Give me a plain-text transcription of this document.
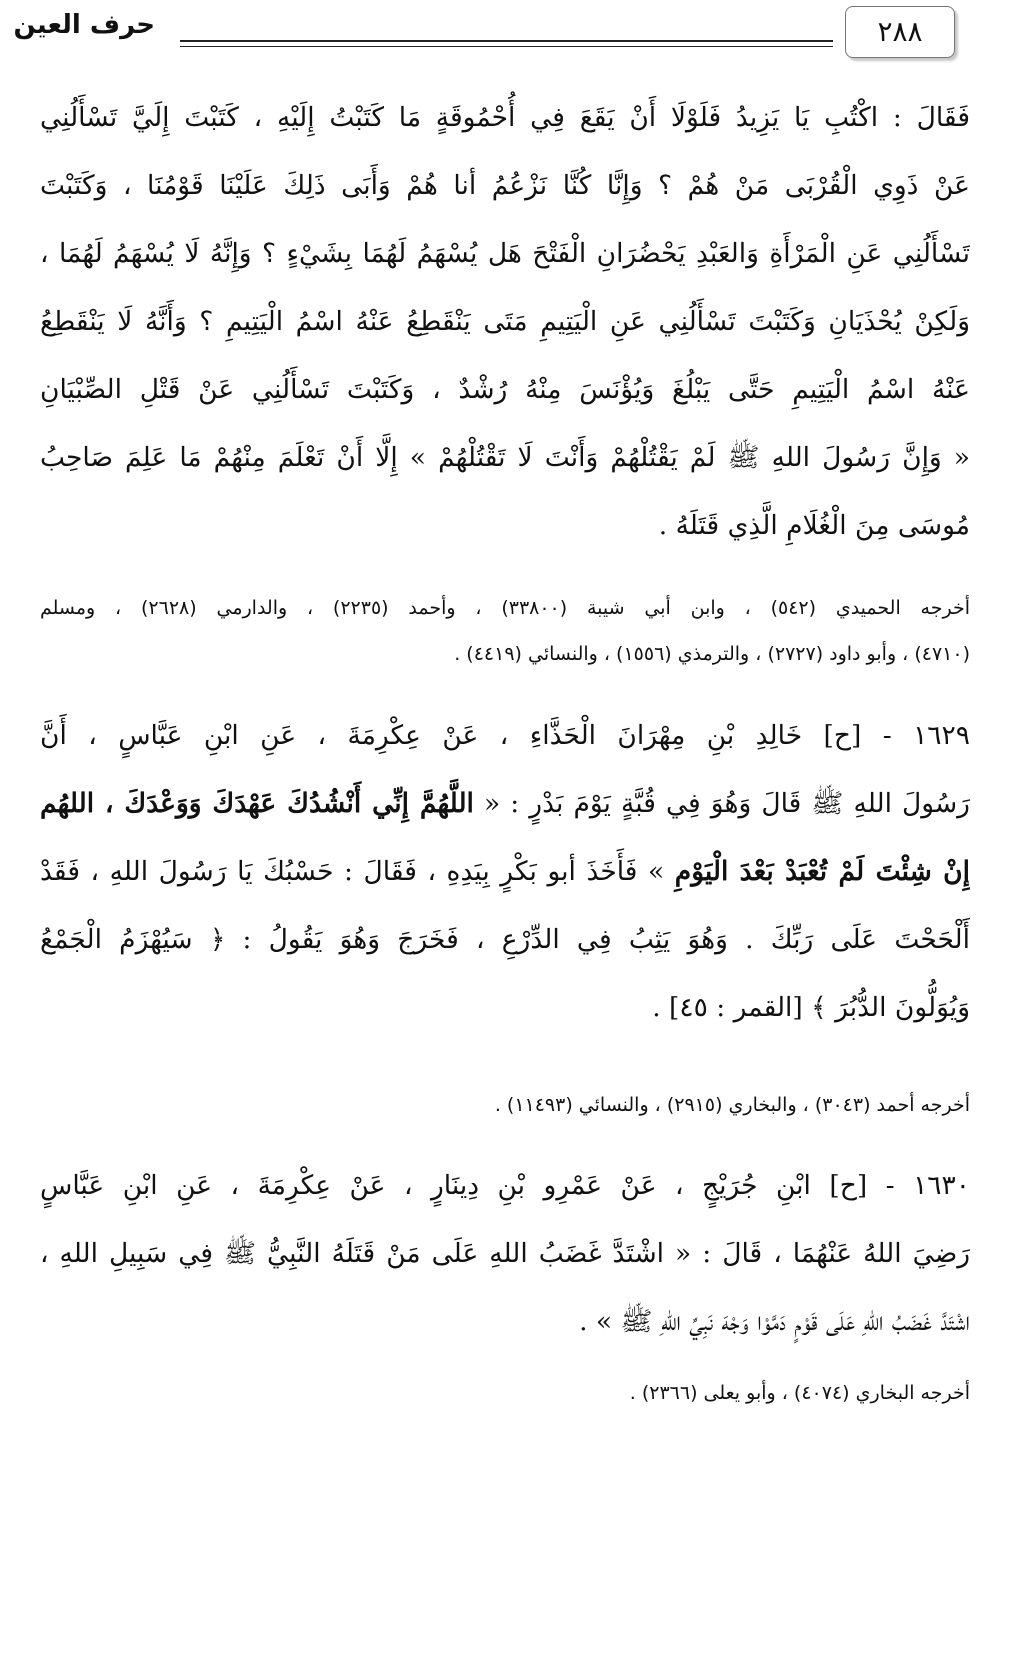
٢٨٨
حرف العين
فَقَالَ : اكْتُبِ يَا يَزِيدُ فَلَوْلَا أَنْ يَقَعَ فِي أُحْمُوقَةٍ مَا كَتَبْتُ إِلَيْهِ ، كَتَبْتَ إِلَيَّ تَسْأَلُنِي
عَنْ ذَوِي الْقُرْبَى مَنْ هُمْ ؟ وَإِنَّا كُنَّا نَزْعُمُ أنا هُمْ وَأَبَى ذَلِكَ عَلَيْنَا قَوْمُنَا ، وَكَتَبْتَ
تَسْأَلُنِي عَنِ الْمَرْأَةِ وَالعَبْدِ يَحْضُرَانِ الْفَتْحَ هَل يُسْهَمُ لَهُمَا بِشَيْءٍ ؟ وَإِنَّهُ لَا يُسْهَمُ لَهُمَا ،
وَلَكِنْ يُحْذَيَانِ وَكَتَبْتَ تَسْأَلُنِي عَنِ الْيَتِيمِ مَتَى يَنْقَطِعُ عَنْهُ اسْمُ الْيَتِيمِ ؟ وَأَنَّهُ لَا يَنْقَطِعُ
عَنْهُ اسْمُ الْيَتِيمِ حَتَّى يَبْلُغَ وَيُؤْنَسَ مِنْهُ رُشْدٌ ، وَكَتَبْتَ تَسْأَلُنِي عَنْ قَتْلِ الصِّبْيَانِ
« وَإِنَّ رَسُولَ اللهِ ﷺ لَمْ يَقْتُلْهُمْ وَأَنْتَ لَا تَقْتُلْهُمْ » إِلَّا أَنْ تَعْلَمَ مِنْهُمْ مَا عَلِمَ صَاحِبُ
مُوسَى مِنَ الْغُلَامِ الَّذِي قَتَلَهُ .
أخرجه الحميدي (٥٤٢) ، وابن أبي شيبة (٣٣٨٠٠) ، وأحمد (٢٢٣٥) ، والدارمي (٢٦٢٨) ، ومسلم
(٤٧١٠) ، وأبو داود (٢٧٢٧) ، والترمذي (١٥٥٦) ، والنسائي (٤٤١٩) .
١٦٢٩ - [ح] خَالِدِ بْنِ مِهْرَانَ الْحَذَّاءِ ، عَنْ عِكْرِمَةَ ، عَنِ ابْنِ عَبَّاسٍ ، أَنَّ
رَسُولَ اللهِ ﷺ قَالَ وَهُوَ فِي قُبَّةٍ يَوْمَ بَدْرٍ : « اللَّهُمَّ إِنِّي أَنْشُدُكَ عَهْدَكَ وَوَعْدَكَ ، اللهُم
إِنْ شِئْتَ لَمْ تُعْبَدْ بَعْدَ الْيَوْمِ » فَأَخَذَ أبو بَكْرٍ بِيَدِهِ ، فَقَالَ : حَسْبُكَ يَا رَسُولَ اللهِ ، فَقَدْ
أَلْحَحْتَ عَلَى رَبِّكَ . وَهُوَ يَثِبُ فِي الدِّرْعِ ، فَخَرَجَ وَهُوَ يَقُولُ : ﴿ سَيُهْزَمُ الْجَمْعُ
وَيُوَلُّونَ الدُّبُرَ ﴾ [القمر : ٤٥] .
أخرجه أحمد (٣٠٤٣) ، والبخاري (٢٩١٥) ، والنسائي (١١٤٩٣) .
١٦٣٠ - [ح] ابْنِ جُرَيْجٍ ، عَنْ عَمْرِو بْنِ دِينَارٍ ، عَنْ عِكْرِمَةَ ، عَنِ ابْنِ عَبَّاسٍ
رَضِيَ اللهُ عَنْهُمَا ، قَالَ : « اشْتَدَّ غَضَبُ اللهِ عَلَى مَنْ قَتَلَهُ النَّبِيُّ ﷺ فِي سَبِيلِ اللهِ ،
اشْتَدَّ غَضَبُ اللهِ عَلَى قَوْمٍ دَمَّوْا وَجْهَ نَبِيِّ اللهِ ﷺ » .
أخرجه البخاري (٤٠٧٤) ، وأبو يعلى (٢٣٦٦) .
